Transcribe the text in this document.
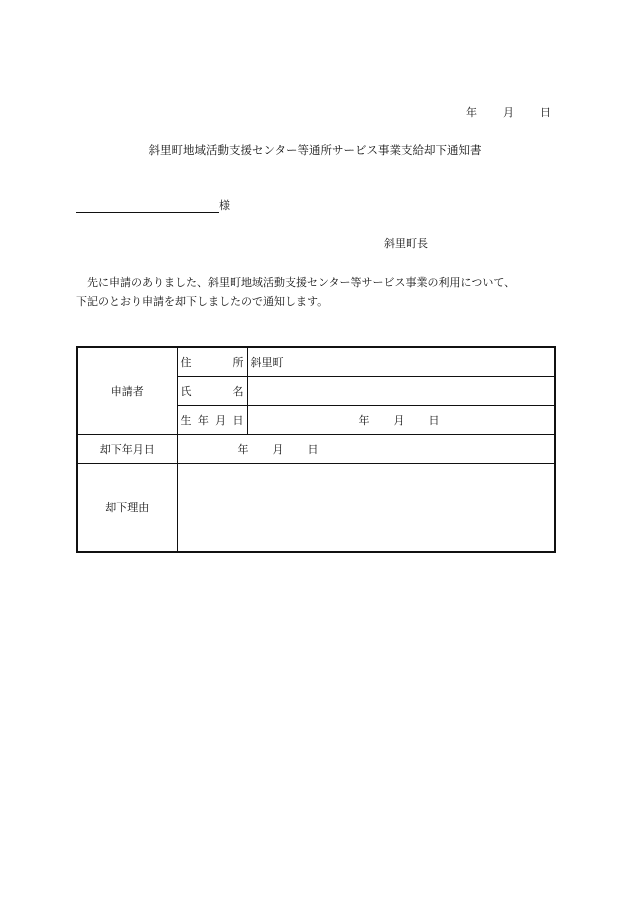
年 月 日
斜里町地域活動支援センター等通所サービス事業支給却下通知書
様
斜里町長

先に申請のありました、斜里町地域活動支援センター等サービス事業の利用について、

下記のとおり申請を却下しましたので通知します。

申請者	住 所	斜里町

	氏 名	

	生 年 月 日	年 月 日

却下年月日	年 月 日	

却下理由		
